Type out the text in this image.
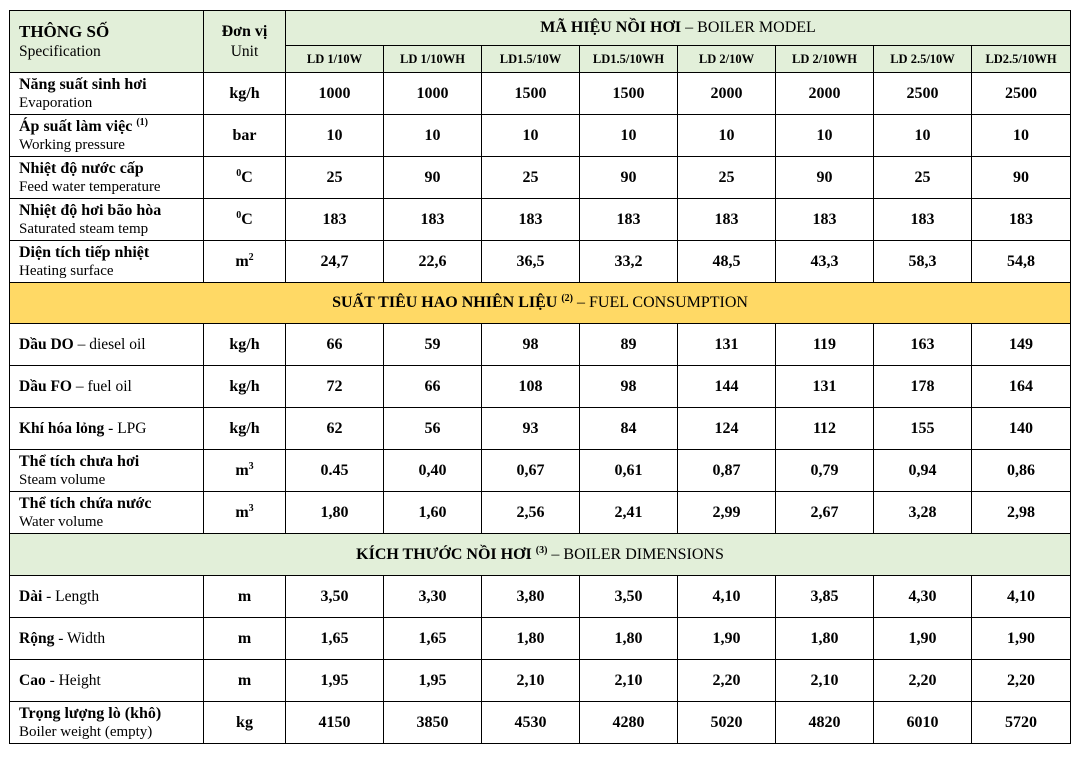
THÔNG SỐ
Specification	Đơn vị
Unit	MÃ HIỆU NỒI HƠI – BOILER MODEL							
		LD 1/10W	LD 1/10WH	LD1.5/10W	LD1.5/10WH	LD 2/10W	LD 2/10WH	LD 2.5/10W	LD2.5/10WH

Năng suất sinh hơi
Evaporation	kg/h	1000	1000	1500	1500	2000	2000	2500	2500

Áp suất làm việc $^{(1)}$
Working pressure	bar	10	10	10	10	10	10	10	10

Nhiệt độ nước cấp
Feed water temperature	$^0$C	25	90	25	90	25	90	25	90

Nhiệt độ hơi bão hòa
Saturated steam temp	$^0$C	183	183	183	183	183	183	183	183

Diện tích tiếp nhiệt
Heating surface	$m^2$	24,7	22,6	36,5	33,2	48,5	43,3	58,3	54,8
SUẤT TIÊU HAO NHIÊN LIỆU $^{(2)}$ – FUEL CONSUMPTION									
Dầu DO – diesel oil	kg/h	66	59	98	89	131	119	163	149
Dầu FO – fuel oil	kg/h	72	66	108	98	144	131	178	164
Khí hóa lỏng - LPG	kg/h	62	56	93	84	124	112	155	140

Thể tích chưa hơi
Steam volume	$m^3$	0.45	0,40	0,67	0,61	0,87	0,79	0,94	0,86

Thể tích chứa nước
Water volume	$m^3$	1,80	1,60	2,56	2,41	2,99	2,67	3,28	2,98
KÍCH THƯỚC NỒI HƠI $^{(3)}$ – BOILER DIMENSIONS									
Dài - Length	m	3,50	3,30	3,80	3,50	4,10	3,85	4,30	4,10
Rộng - Width	m	1,65	1,65	1,80	1,80	1,90	1,80	1,90	1,90
Cao - Height	m	1,95	1,95	2,10	2,10	2,20	2,10	2,20	2,20

Trọng lượng lò (khô)
Boiler weight (empty)	kg	4150	3850	4530	4280	5020	4820	6010	5720
